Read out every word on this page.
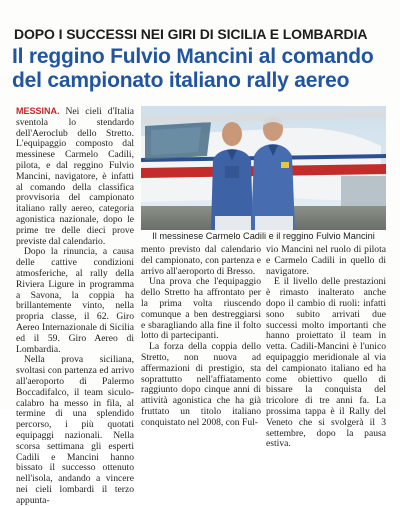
DOPO I SUCCESSI NEI GIRI DI SICILIA E LOMBARDIA
Il reggino Fulvio Mancini al comando del campionato italiano rally aereo

MESSINA. Nei cieli d'Italia sventola lo stendardo dell'Aeroclub dello Stretto. L'equipaggio composto dal messinese Carmelo Cadili, pilota, e dal reggino Fulvio Mancini, navigatore, è infatti al comando della classifica provvisoria del campionato italiano rally aereo, categoria agonistica nazionale, dopo le prime tre delle dieci prove previste dal calendario.

Dopo la rinuncia, a causa delle cattive condizioni atmosferiche, al rally della Riviera Ligure in programma a Savona, la coppia ha brillantemente vinto, nella propria classe, il 62. Giro Aereo Internazionale di Sicilia ed il 59. Giro Aereo di Lombardia.

Nella prova siciliana, svoltasi con partenza ed arrivo all'aeroporto di Palermo Boccadifalco, il team siculo-calabro ha messo in fila, al termine di una splendido percorso, i più quotati equipaggi nazionali. Nella scorsa settimana gli esperti Cadili e Mancini hanno bissato il successo ottenuto nell'isola, andando a vincere nei cieli lombardi il terzo appunta-

Il messinese Carmelo Cadili e il reggino Fulvio Mancini

mento previsto dal calendario del campionato, con partenza e arrivo all'aeroporto di Bresso.

Una prova che l'equipaggio dello Stretto ha affrontato per la prima volta riuscendo comunque a ben destreggiarsi e sbaragliando alla fine il folto lotto di partecipanti.

La forza della coppia dello Stretto, non nuova ad affermazioni di prestigio, sta soprattutto nell'affiatamento raggiunto dopo cinque anni di attività agonistica che ha già fruttato un titolo italiano conquistato nel 2008, con Ful-

vio Mancini nel ruolo di pilota e Carmelo Cadili in quello di navigatore.

E il livello delle prestazioni è rimasto inalterato anche dopo il cambio di ruoli: infatti sono subito arrivati due successi molto importanti che hanno proiettato il team in vetta. Cadili-Mancini è l'unico equipaggio meridionale al via del campionato italiano ed ha come obiettivo quello di bissare la conquista del tricolore di tre anni fa. La prossima tappa è il Rally del Veneto che si svolgerà il 3 settembre, dopo la pausa estiva.
